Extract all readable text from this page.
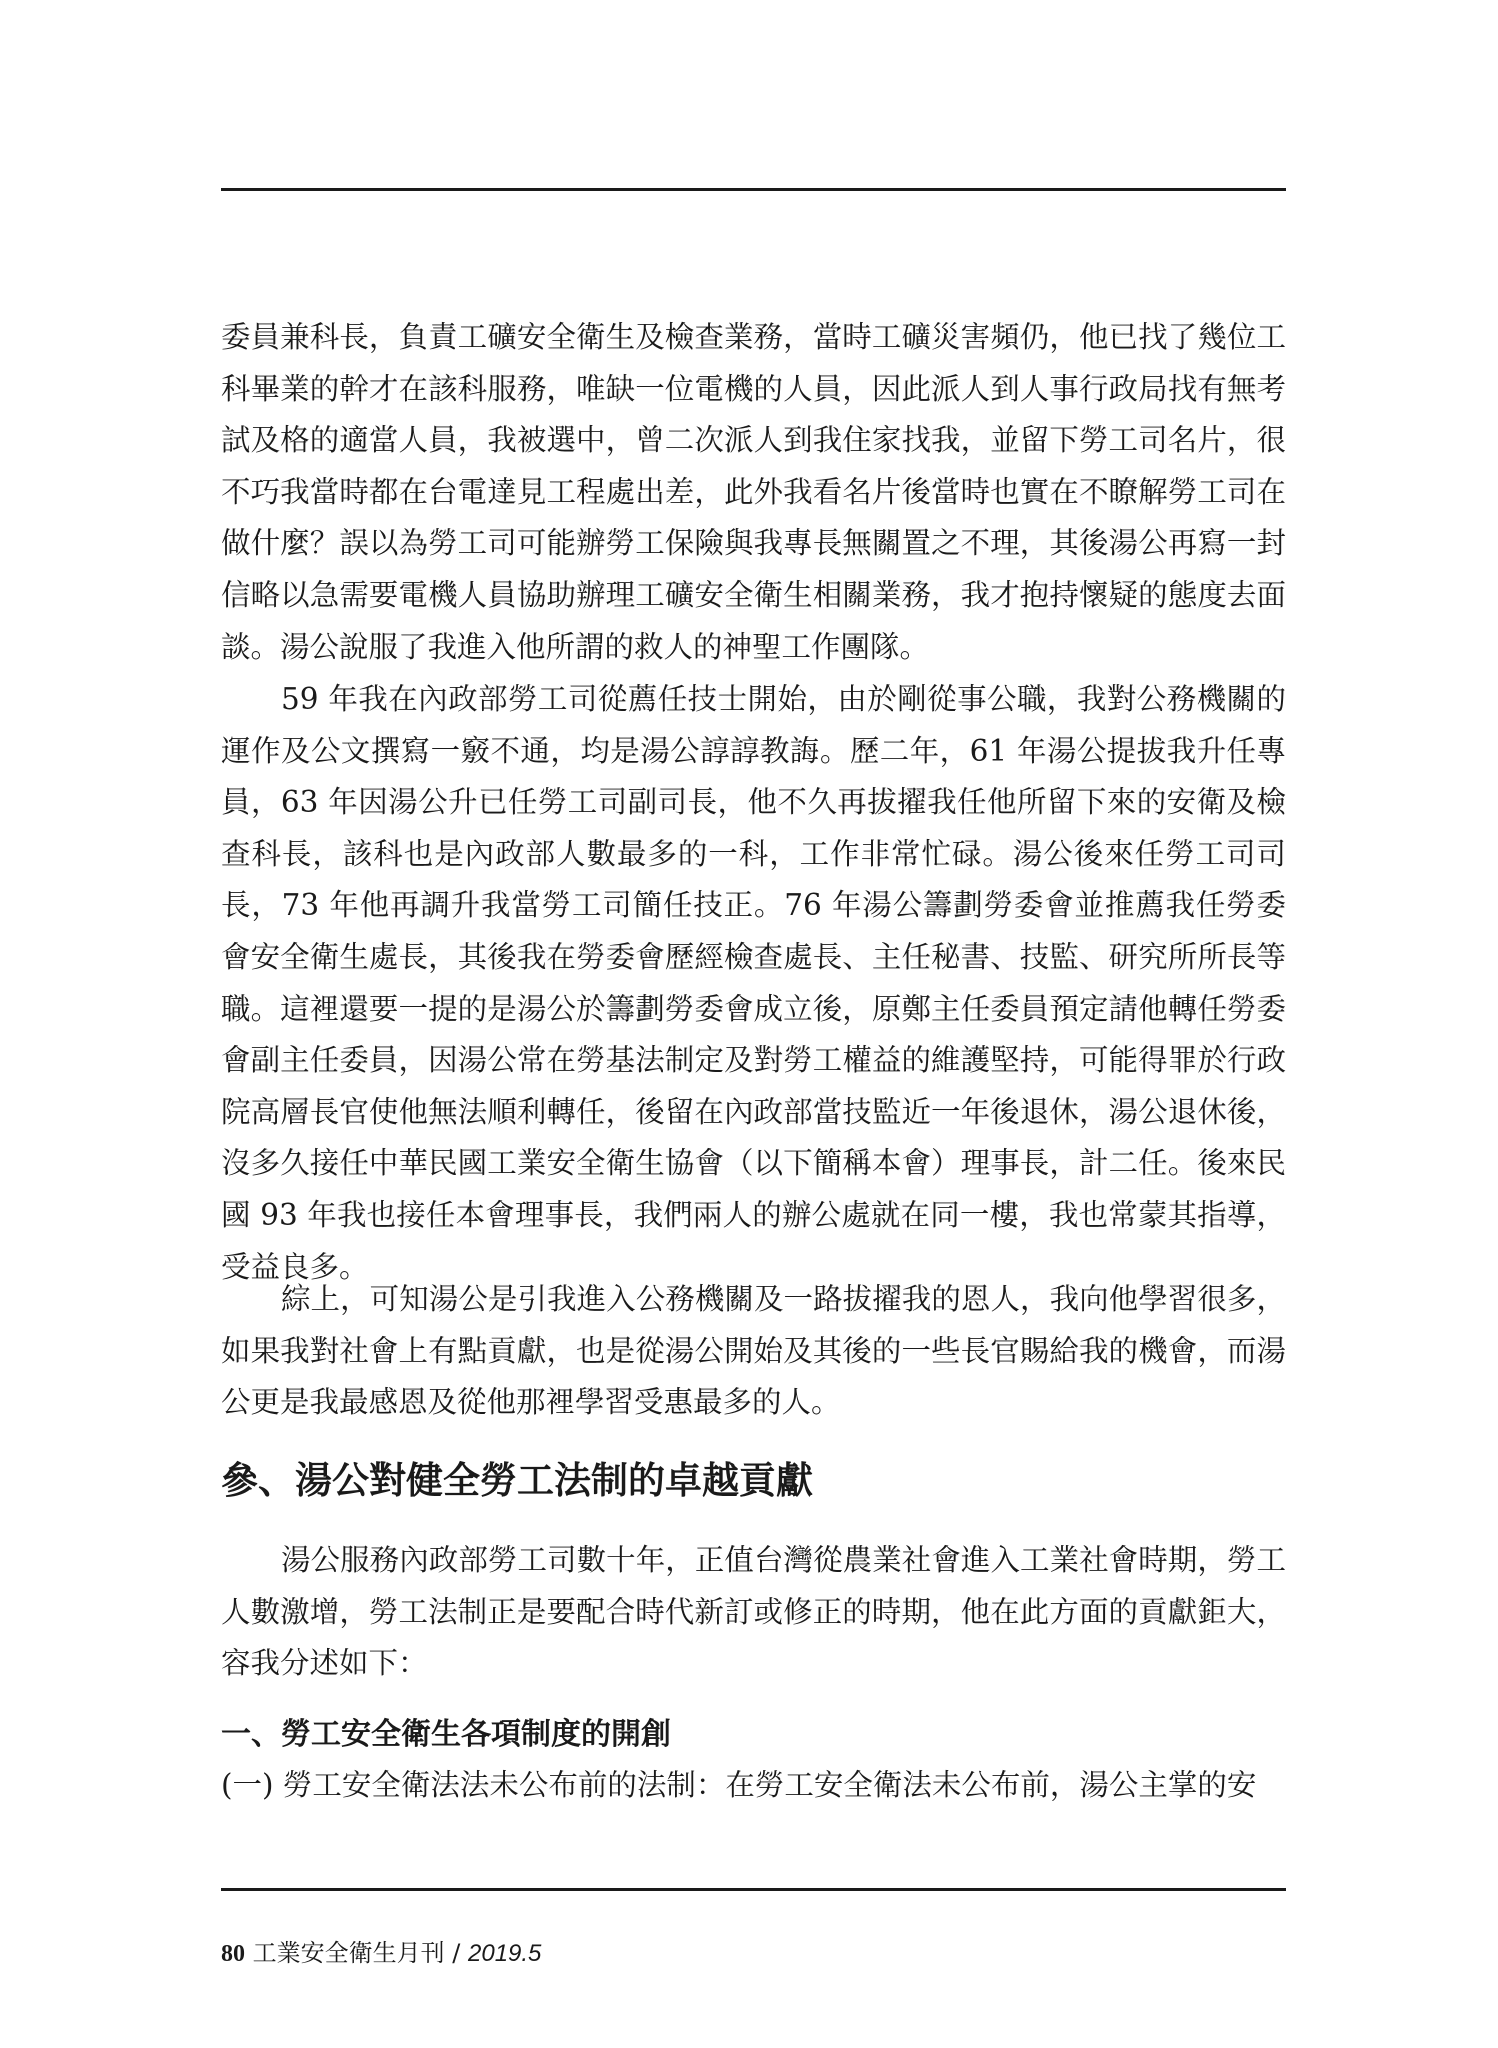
委員兼科長，負責工礦安全衛生及檢查業務，當時工礦災害頻仍，他已找了幾位工科畢業的幹才在該科服務，唯缺一位電機的人員，因此派人到人事行政局找有無考試及格的適當人員，我被選中，曾二次派人到我住家找我，並留下勞工司名片，很不巧我當時都在台電達見工程處出差，此外我看名片後當時也實在不瞭解勞工司在做什麼？誤以為勞工司可能辦勞工保險與我專長無關置之不理，其後湯公再寫一封信略以急需要電機人員協助辦理工礦安全衛生相關業務，我才抱持懷疑的態度去面談。湯公說服了我進入他所謂的救人的神聖工作團隊。

59 年我在內政部勞工司從薦任技士開始，由於剛從事公職，我對公務機關的運作及公文撰寫一竅不通，均是湯公諄諄教誨。歷二年，61 年湯公提拔我升任專員，63 年因湯公升已任勞工司副司長，他不久再拔擢我任他所留下來的安衛及檢查科長，該科也是內政部人數最多的一科，工作非常忙碌。湯公後來任勞工司司長，73 年他再調升我當勞工司簡任技正。76 年湯公籌劃勞委會並推薦我任勞委會安全衛生處長，其後我在勞委會歷經檢查處長、主任秘書、技監、研究所所長等職。這裡還要一提的是湯公於籌劃勞委會成立後，原鄭主任委員預定請他轉任勞委會副主任委員，因湯公常在勞基法制定及對勞工權益的維護堅持，可能得罪於行政院高層長官使他無法順利轉任，後留在內政部當技監近一年後退休，湯公退休後，沒多久接任中華民國工業安全衛生協會（以下簡稱本會）理事長，計二任。後來民國 93 年我也接任本會理事長，我們兩人的辦公處就在同一樓，我也常蒙其指導，受益良多。

綜上，可知湯公是引我進入公務機關及一路拔擢我的恩人，我向他學習很多，如果我對社會上有點貢獻，也是從湯公開始及其後的一些長官賜給我的機會，而湯公更是我最感恩及從他那裡學習受惠最多的人。

參、湯公對健全勞工法制的卓越貢獻

湯公服務內政部勞工司數十年，正值台灣從農業社會進入工業社會時期，勞工人數激增，勞工法制正是要配合時代新訂或修正的時期，他在此方面的貢獻鉅大，容我分述如下：

一、勞工安全衛生各項制度的開創

(一) 勞工安全衛法法未公布前的法制：在勞工安全衛法未公布前，湯公主掌的安

80 工業安全衛生月刊 / 2019.5
